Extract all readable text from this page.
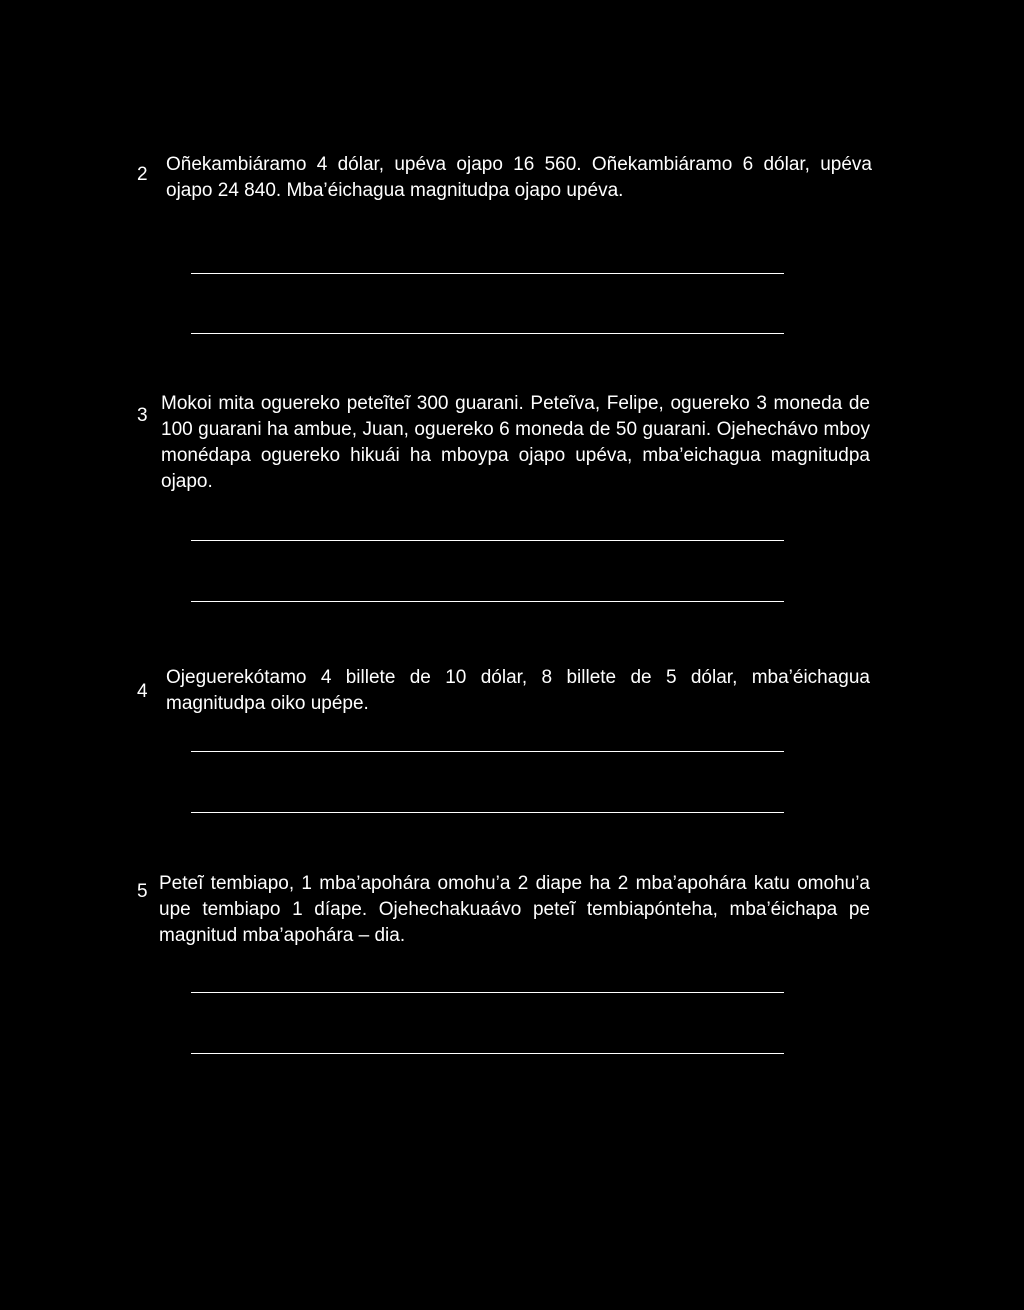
2 Oñekambiáramo 4 dólar, upéva ojapo 16 560. Oñekambiáramo 6 dólar, upéva ojapo 24 840. Mba’éichagua magnitudpa ojapo upéva.

3

Mokoi mita oguereko peteĩteĩ 300 guarani. Peteĩva, Felipe, oguereko 3 moneda de 100 guarani ha ambue, Juan, oguereko 6 moneda de 50 guarani. Ojehechávo mboy monédapa oguereko hikuái ha mboypa ojapo upéva, mba’eichagua magnitudpa ojapo.

4

Ojeguerekótamo 4 billete de 10 dólar, 8 billete de 5 dólar, mba’éichagua magnitudpa oiko upépe.

5 Peteĩ tembiapo, 1 mba’apohára omohu’a 2 diape ha 2 mba’apohára katu omohu’a upe tembiapo 1 díape. Ojehechakuaávo peteĩ tembiapónteha, mba’éichapa pe magnitud mba’apohára – dia.
